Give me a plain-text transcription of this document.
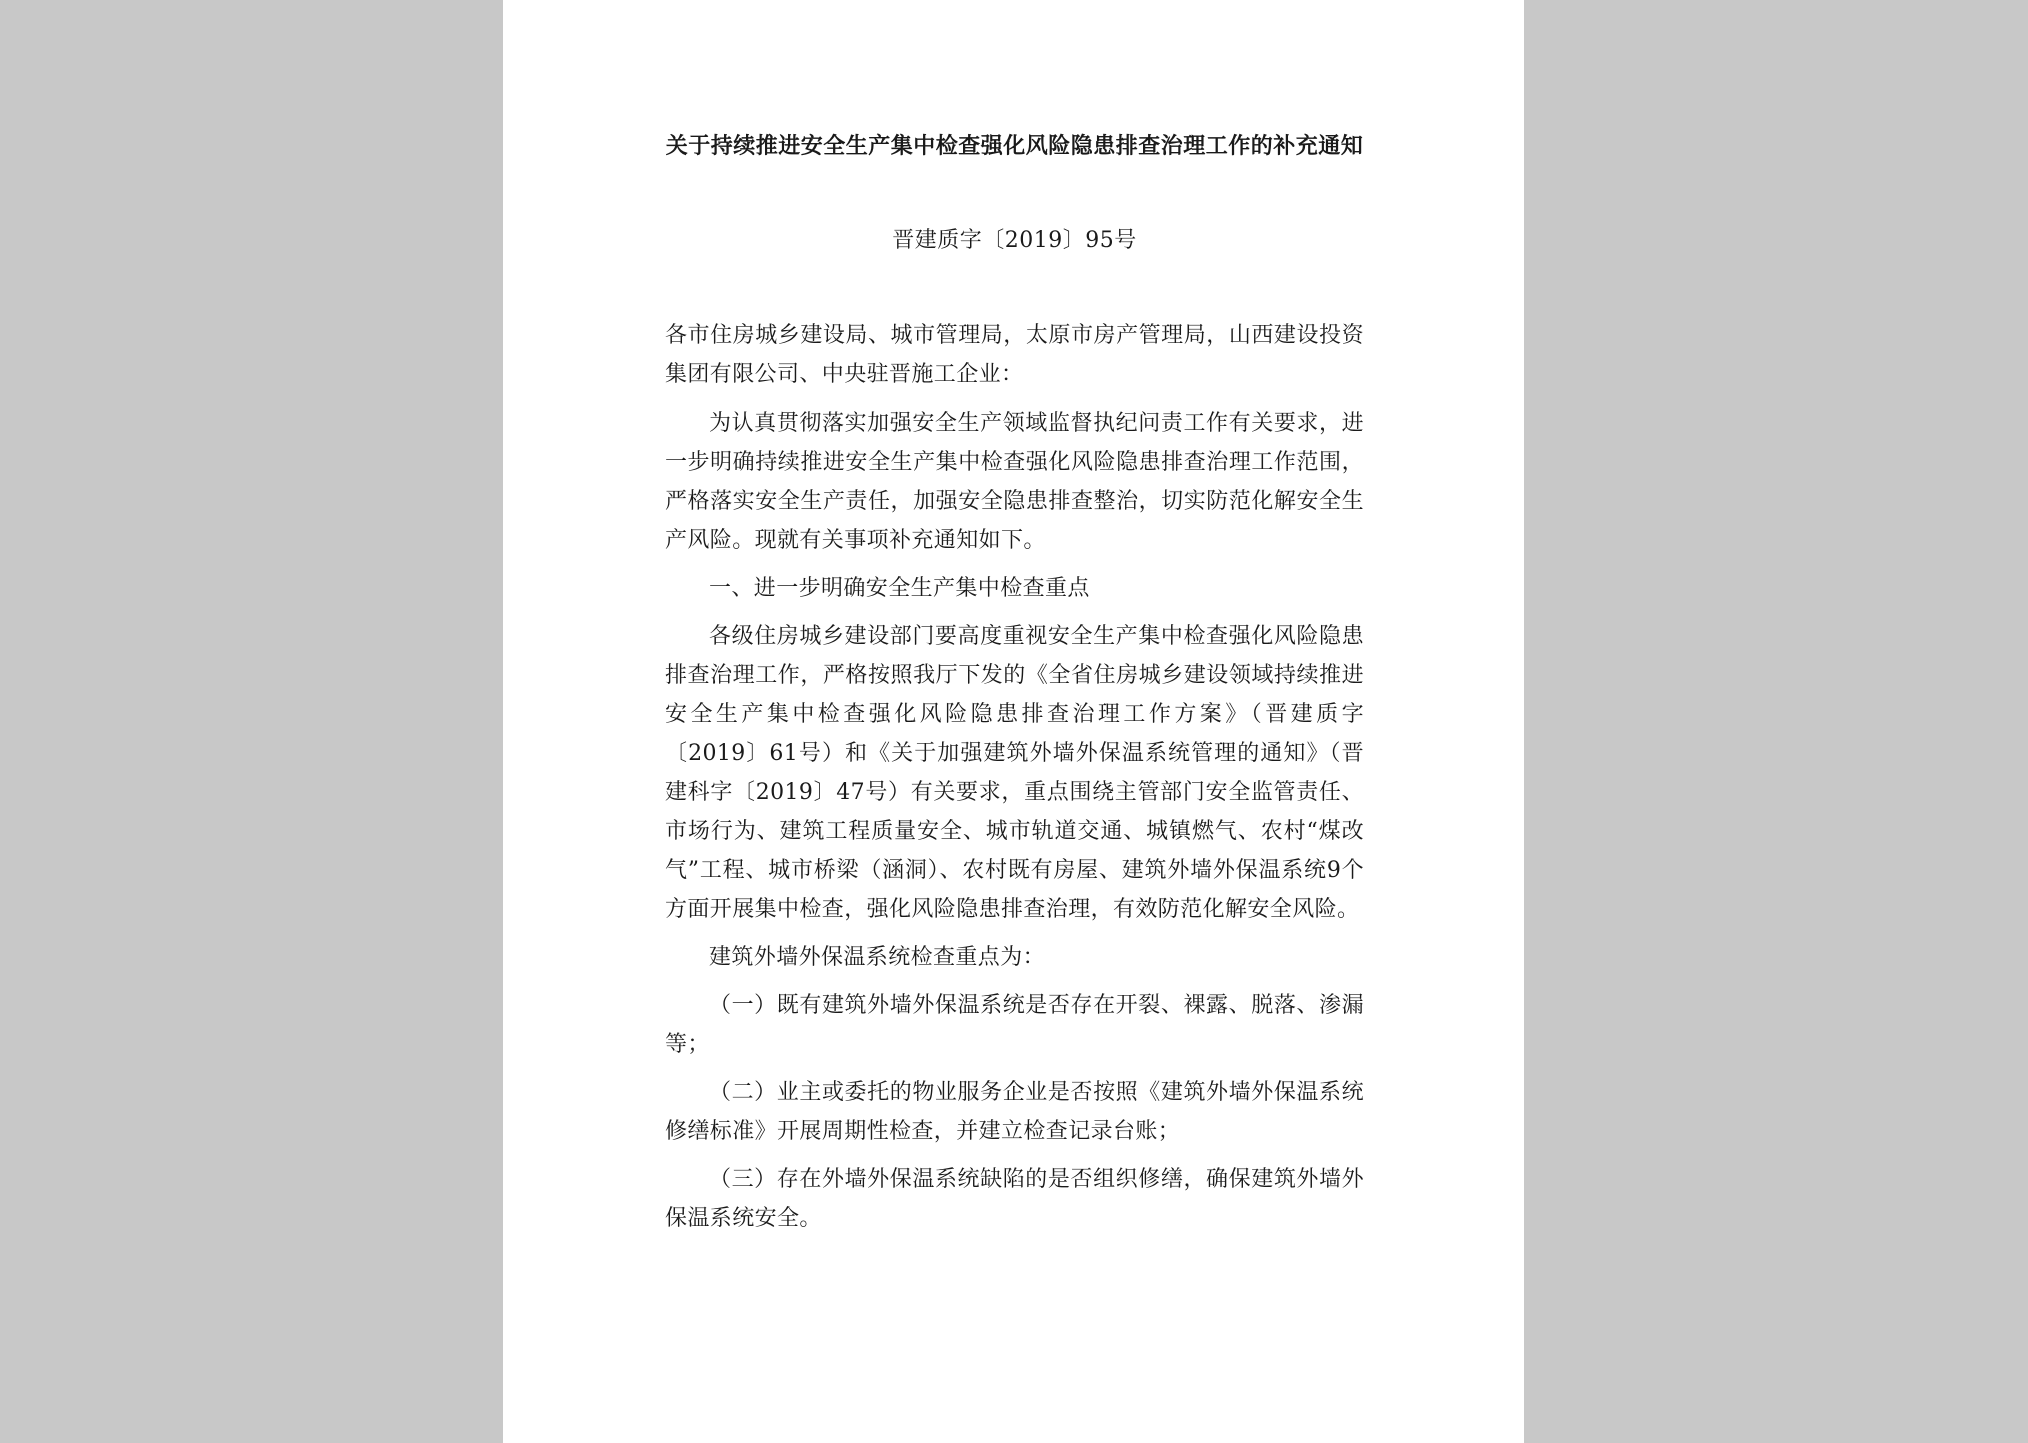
关于持续推进安全生产集中检查强化风险隐患排查治理工作的补充通知

晋建质字〔2019〕95号

各市住房城乡建设局、城市管理局，太原市房产管理局，山西建设投资集团有限公司、中央驻晋施工企业：

为认真贯彻落实加强安全生产领域监督执纪问责工作有关要求，进一步明确持续推进安全生产集中检查强化风险隐患排查治理工作范围，严格落实安全生产责任，加强安全隐患排查整治，切实防范化解安全生产风险。现就有关事项补充通知如下。

一、进一步明确安全生产集中检查重点

各级住房城乡建设部门要高度重视安全生产集中检查强化风险隐患排查治理工作，严格按照我厅下发的《全省住房城乡建设领域持续推进安全生产集中检查强化风险隐患排查治理工作方案》（晋建质字〔2019〕61号）和《关于加强建筑外墙外保温系统管理的通知》（晋建科字〔2019〕47号）有关要求，重点围绕主管部门安全监管责任、市场行为、建筑工程质量安全、城市轨道交通、城镇燃气、农村“煤改气”工程、城市桥梁（涵洞）、农村既有房屋、建筑外墙外保温系统9个方面开展集中检查，强化风险隐患排查治理，有效防范化解安全风险。

建筑外墙外保温系统检查重点为：

（一）既有建筑外墙外保温系统是否存在开裂、裸露、脱落、渗漏等；

（二）业主或委托的物业服务企业是否按照《建筑外墙外保温系统修缮标准》开展周期性检查，并建立检查记录台账；

（三）存在外墙外保温系统缺陷的是否组织修缮，确保建筑外墙外保温系统安全。
